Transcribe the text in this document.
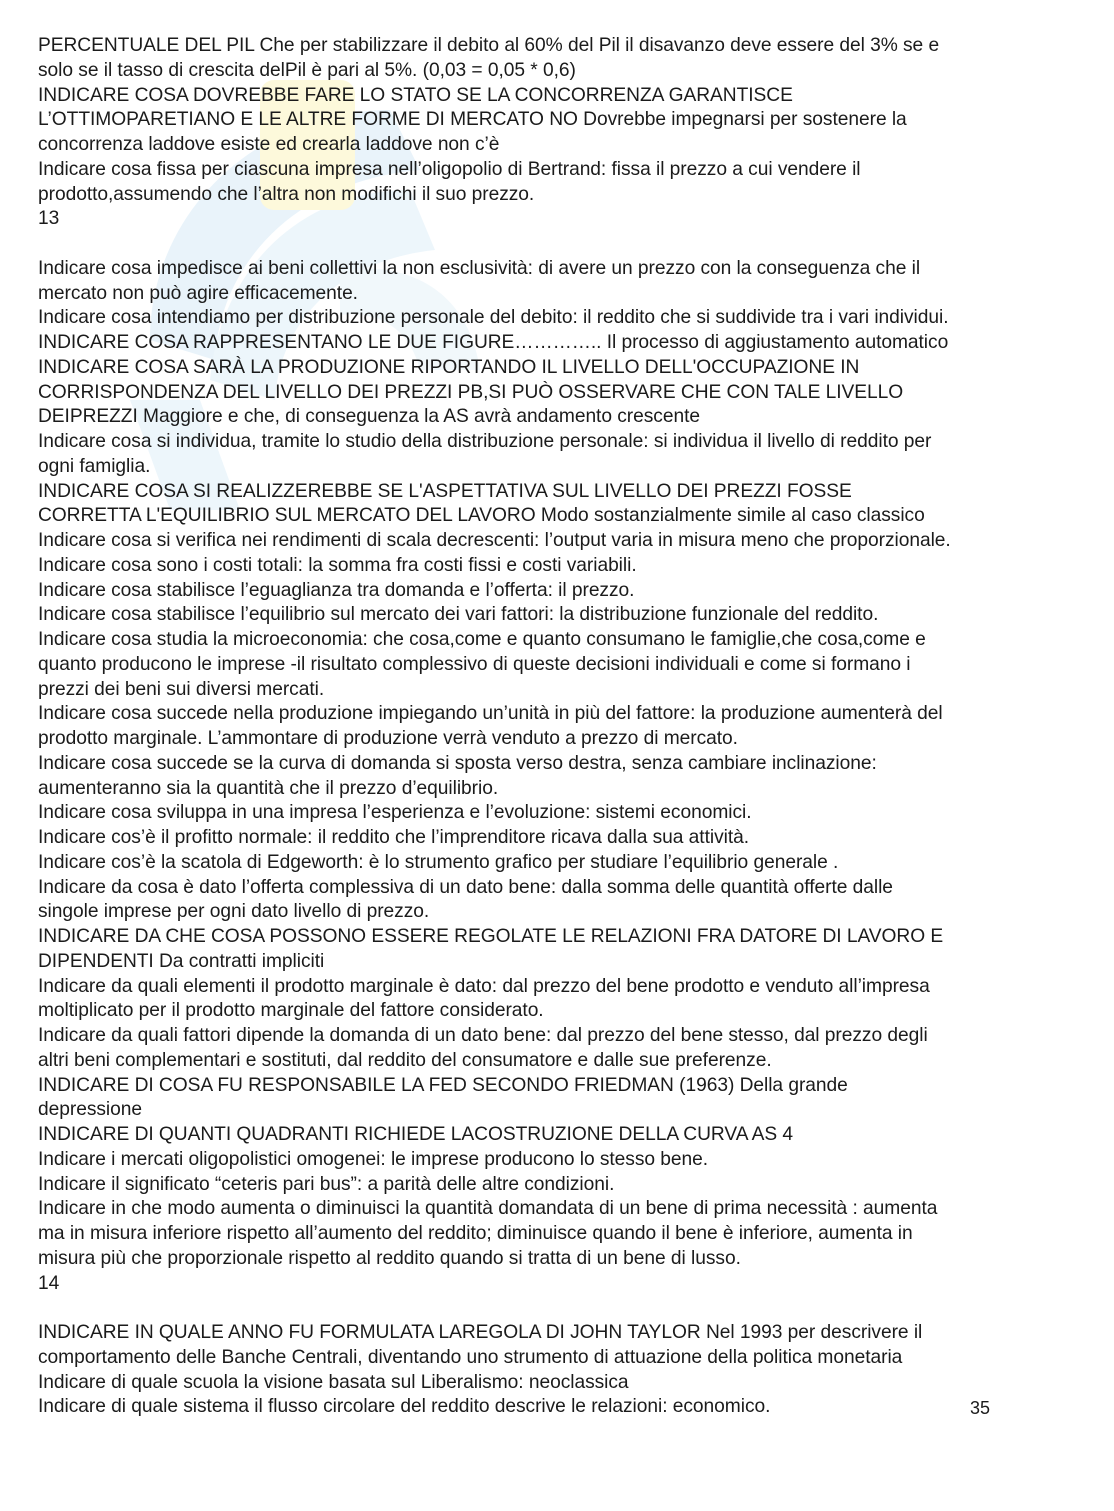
PERCENTUALE DEL PIL Che per stabilizzare il debito al 60% del Pil il disavanzo deve essere del 3% se e
solo se il tasso di crescita delPil è pari al 5%. (0,03 = 0,05 * 0,6)
INDICARE COSA DOVREBBE FARE LO STATO SE LA CONCORRENZA GARANTISCE
L’OTTIMOPARETIANO E LE ALTRE FORME DI MERCATO NO Dovrebbe impegnarsi per sostenere la
concorrenza laddove esiste ed crearla laddove non c’è
Indicare cosa fissa per ciascuna impresa nell’oligopolio di Bertrand: fissa il prezzo a cui vendere il
prodotto,assumendo che l’altra non modifichi il suo prezzo.
13
Indicare cosa impedisce ai beni collettivi la non esclusività: di avere un prezzo con la conseguenza che il
mercato non può agire efficacemente.
Indicare cosa intendiamo per distribuzione personale del debito: il reddito che si suddivide tra i vari individui.
INDICARE COSA RAPPRESENTANO LE DUE FIGURE………….. Il processo di aggiustamento automatico
INDICARE COSA SARÀ LA PRODUZIONE RIPORTANDO IL LIVELLO DELL'OCCUPAZIONE IN
CORRISPONDENZA DEL LIVELLO DEI PREZZI PB,SI PUÒ OSSERVARE CHE CON TALE LIVELLO
DEIPREZZI Maggiore e che, di conseguenza la AS avrà andamento crescente
Indicare cosa si individua, tramite lo studio della distribuzione personale: si individua il livello di reddito per
ogni famiglia.
INDICARE COSA SI REALIZZEREBBE SE L'ASPETTATIVA SUL LIVELLO DEI PREZZI FOSSE
CORRETTA L'EQUILIBRIO SUL MERCATO DEL LAVORO Modo sostanzialmente simile al caso classico
Indicare cosa si verifica nei rendimenti di scala decrescenti: l’output varia in misura meno che proporzionale.
Indicare cosa sono i costi totali: la somma fra costi fissi e costi variabili.
Indicare cosa stabilisce l’eguaglianza tra domanda e l’offerta: il prezzo.
Indicare cosa stabilisce l’equilibrio sul mercato dei vari fattori: la distribuzione funzionale del reddito.
Indicare cosa studia la microeconomia: che cosa,come e quanto consumano le famiglie,che cosa,come e
quanto producono le imprese -il risultato complessivo di queste decisioni individuali e come si formano i
prezzi dei beni sui diversi mercati.
Indicare cosa succede nella produzione impiegando un’unità in più del fattore: la produzione aumenterà del
prodotto marginale. L’ammontare di produzione verrà venduto a prezzo di mercato.
Indicare cosa succede se la curva di domanda si sposta verso destra, senza cambiare inclinazione:
aumenteranno sia la quantità che il prezzo d’equilibrio.
Indicare cosa sviluppa in una impresa l’esperienza e l’evoluzione: sistemi economici.
Indicare cos’è il profitto normale: il reddito che l’imprenditore ricava dalla sua attività.
Indicare cos’è la scatola di Edgeworth: è lo strumento grafico per studiare l’equilibrio generale .
Indicare da cosa è dato l’offerta complessiva di un dato bene: dalla somma delle quantità offerte dalle
singole imprese per ogni dato livello di prezzo.
INDICARE DA CHE COSA POSSONO ESSERE REGOLATE LE RELAZIONI FRA DATORE DI LAVORO E
DIPENDENTI Da contratti impliciti
Indicare da quali elementi il prodotto marginale è dato: dal prezzo del bene prodotto e venduto all’impresa
moltiplicato per il prodotto marginale del fattore considerato.
Indicare da quali fattori dipende la domanda di un dato bene: dal prezzo del bene stesso, dal prezzo degli
altri beni complementari e sostituti, dal reddito del consumatore e dalle sue preferenze.
INDICARE DI COSA FU RESPONSABILE LA FED SECONDO FRIEDMAN (1963) Della grande
depressione
INDICARE DI QUANTI QUADRANTI RICHIEDE LACOSTRUZIONE DELLA CURVA AS 4
Indicare i mercati oligopolistici omogenei: le imprese producono lo stesso bene.
Indicare il significato “ceteris pari bus”: a parità delle altre condizioni.
Indicare in che modo aumenta o diminuisci la quantità domandata di un bene di prima necessità : aumenta
ma in misura inferiore rispetto all’aumento del reddito; diminuisce quando il bene è inferiore, aumenta in
misura più che proporzionale rispetto al reddito quando si tratta di un bene di lusso.
14
INDICARE IN QUALE ANNO FU FORMULATA LAREGOLA DI JOHN TAYLOR Nel 1993 per descrivere il
comportamento delle Banche Centrali, diventando uno strumento di attuazione della politica monetaria
Indicare di quale scuola la visione basata sul Liberalismo: neoclassica
Indicare di quale sistema il flusso circolare del reddito descrive le relazioni: economico.	35
